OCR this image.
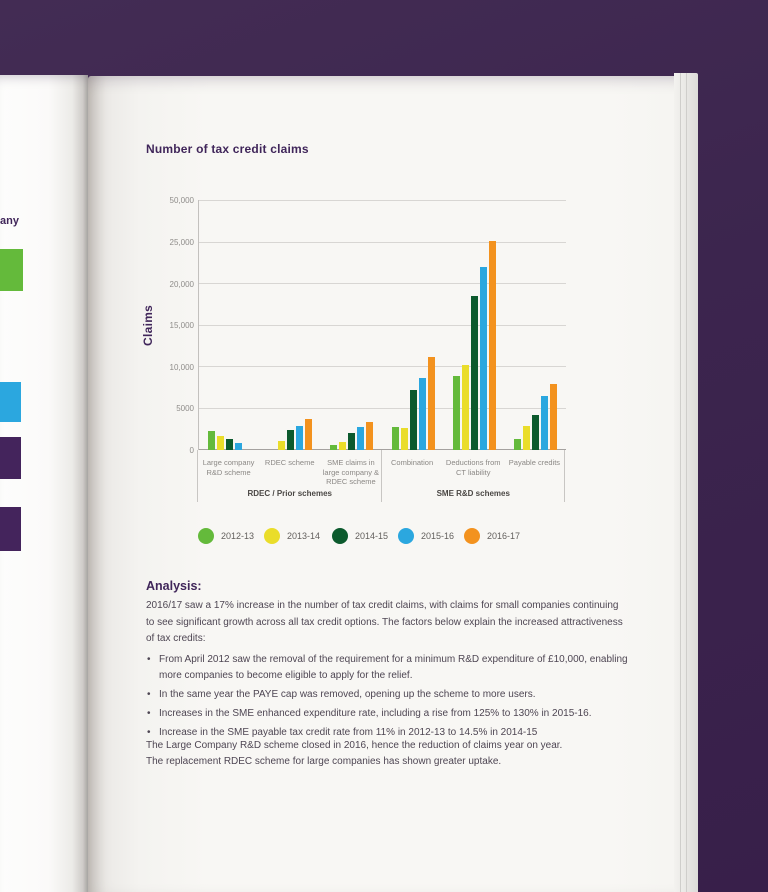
any
Number of tax credit claims
Claims
0
5000
10,000
15,000
20,000
25,000
50,000
Large company R&D scheme
RDEC scheme	SME claims in large company & RDEC scheme
Combination	Deductions from CT liability
Payable credits
RDEC / Prior schemes	SME R&D schemes
2012-13	2013-14	2014-15	2015-16	2016-17
Analysis:

2016/17 saw a 17% increase in the number of tax credit claims, with claims for small companies continuing to see significant growth across all tax credit options. The factors below explain the increased attractiveness of tax credits:

• From April 2012 saw the removal of the requirement for a minimum R&D expenditure of £10,000, enabling more companies to become eligible to apply for the relief.
• In the same year the PAYE cap was removed, opening up the scheme to more users.
• Increases in the SME enhanced expenditure rate, including a rise from 125% to 130% in 2015-16.
• Increase in the SME payable tax credit rate from 11% in 2012-13 to 14.5% in 2014-15
The Large Company R&D scheme closed in 2016, hence the reduction of claims year on year.
The replacement RDEC scheme for large companies has shown greater uptake.
